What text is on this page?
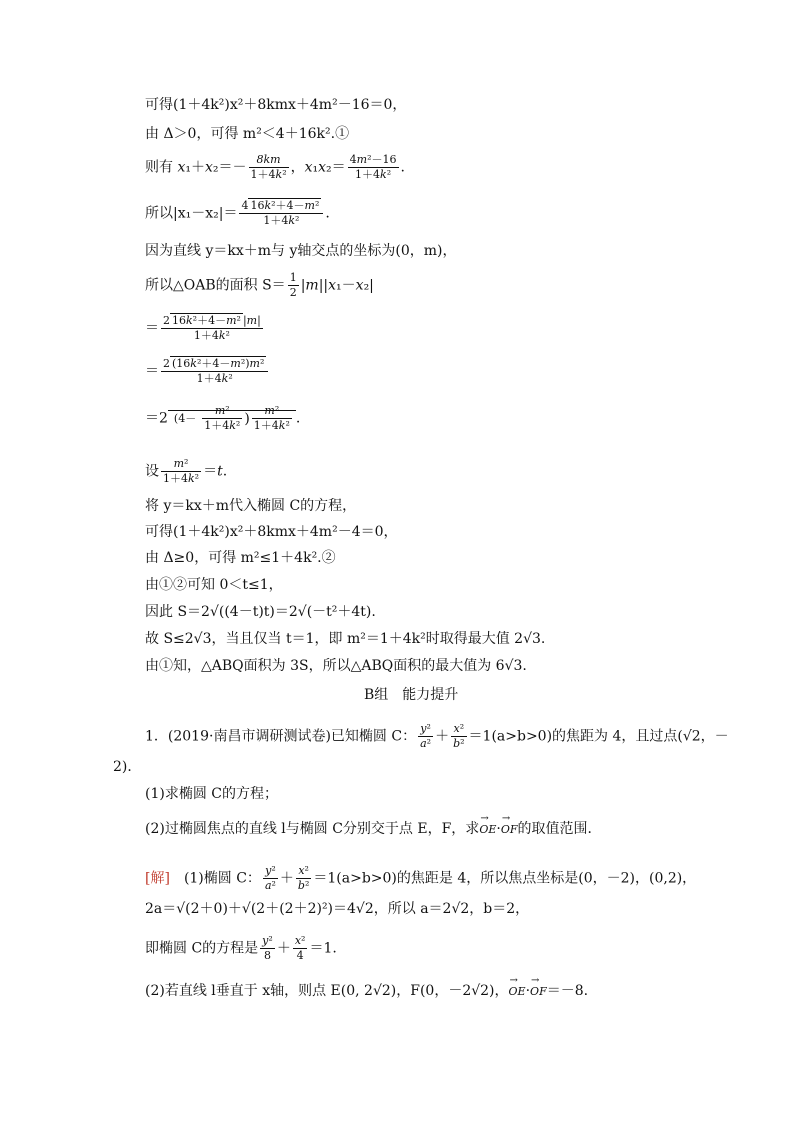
可得(1＋4k²)x²＋8kmx＋4m²－16＝0，
由 Δ＞0，可得 m²＜4＋16k².①
则有 $x_1+x_2=- \frac{8km}{\text{1＋4k²}}$ ，$x_1x_2= \frac{\text{4m²－16}}{\text{1＋4k²}}$ .
所以$|x_1-x_2|= \frac{\text{4 16k²＋4－m²}}{\text{1＋4k²}}$ .
因为直线 y＝kx＋m与 y轴交点的坐标为(0，m)，
所以△OAB的面积 $S= \frac{1}{2} |m||x_1-x_2|$
＝ $\frac{\text{2 16k²＋4－m² |m|}}{\text{1＋4k²}}$
＝ $\frac{\text{2 (16k²＋4－m²)m²}}{\text{1＋4k²}}$
＝2 ($4- \frac{\text{m²}}{\text{1＋4k²}}$ ) $\frac{\text{m²}}{\text{1＋4k²}}$ .
设 $\frac{\text{m²}}{\text{1＋4k²}} =t$.
将 y＝kx＋m代入椭圆 C的方程，
可得(1＋4k²)x²＋8kmx＋4m²－4＝0，
由 Δ≥0，可得 m²≤1＋4k².②
由①②可知 0＜t≤1，
因此 S＝2√((4－t)t)＝2√(－t²＋4t).
故 S≤2√3，当且仅当 t＝1，即 m²＝1＋4k²时取得最大值 2√3.
由①知，△ABQ面积为 3S，所以△ABQ面积的最大值为 6√3.
B组　能力提升
1．(2019·南昌市调研测试卷)已知椭圆 C： $\frac{\text{y²}}{\text{a²}} + \frac{\text{x²}}{\text{b²}} =1(a>b>0)$的焦距为 4，且过点(√2，－
2)．
(1)求椭圆 C的方程；
(2)过椭圆焦点的直线 l与椭圆 C分别交于点 E，F，求→ OE·→ OF的取值范围．
[解]　 (1)椭圆 C： $\frac{\text{y²}}{\text{a²}} + \frac{\text{x²}}{\text{b²}} =1(a>b>0)$的焦距是 4，所以焦点坐标是(0，－2)，(0,2)，
2a＝√(2＋0)＋√(2＋(2＋2)²)＝4√2，所以 a＝2√2，b＝2，
即椭圆 C的方程是 $\frac{\text{y²}}{8} + \frac{\text{x²}}{4} =1$.
(2)若直线 l垂直于 x轴，则点 E(0, 2√2)，F(0，－2√2)，→ OE·→ OF＝－8.
